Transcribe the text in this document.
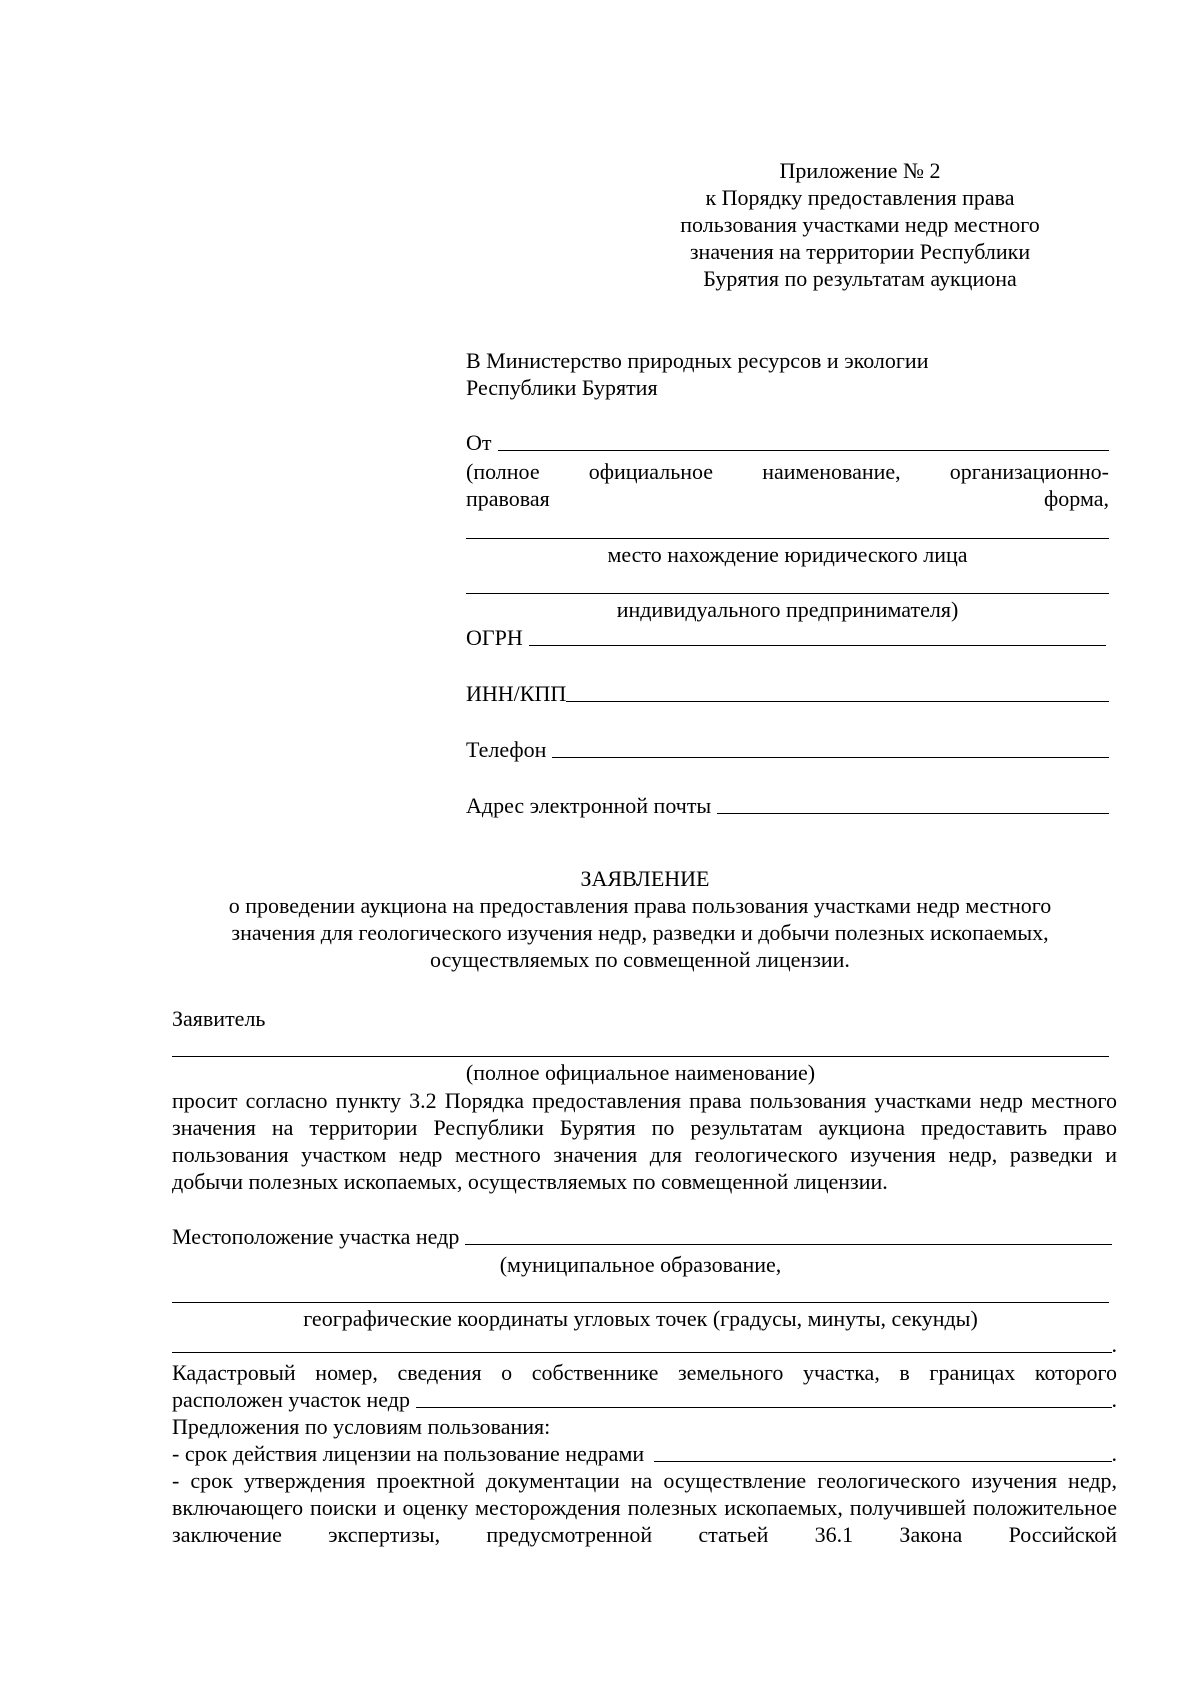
Приложение № 2
к Порядку предоставления права
пользования участками недр местного
значения на территории Республики
Бурятия по результатам аукциона
В Министерство природных ресурсов и экологии
Республики Бурятия
От
(полное официальное наименование, организационно-
правовая	форма,
место нахождение юридического лица
индивидуального предпринимателя)
ОГРН
ИНН/КПП
Телефон
Адрес электронной почты
ЗАЯВЛЕНИЕ
о проведении аукциона на предоставления права пользования участками недр местного
значения для геологического изучения недр, разведки и добычи полезных ископаемых,
осуществляемых по совмещенной лицензии.
Заявитель
(полное официальное наименование)
просит согласно пункту 3.2 Порядка предоставления права пользования участками недр местного значения на территории Республики Бурятия по результатам аукциона предоставить право пользования участком недр местного значения для геологического изучения недр, разведки и добычи полезных ископаемых, осуществляемых по совмещенной лицензии.
Местоположение участка недр
(муниципальное образование,
географические координаты угловых точек (градусы, минуты, секунды)
.
Кадастровый номер, сведения о собственнике земельного участка, в границах которого
расположен участок недр	.
Предложения по условиям пользования:
- срок действия лицензии на пользование недрами	.
- срок утверждения проектной документации на осуществление геологического изучения недр, включающего поиски и оценку месторождения полезных ископаемых, получившей положительное заключение экспертизы, предусмотренной статьей 36.1 Закона Российской
